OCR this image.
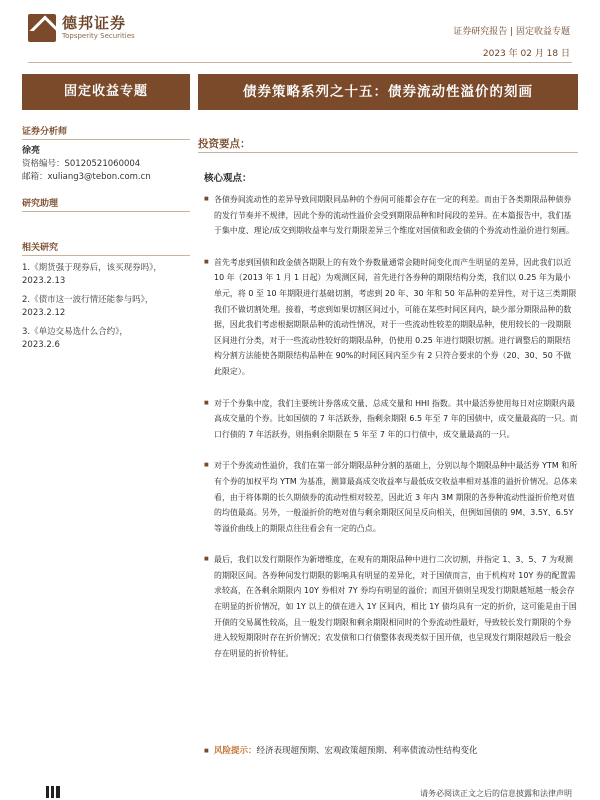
德邦证券
Topsperity Securities	证券研究报告 | 固定收益专题
2023 年 02 月 18 日
固定收益专题
证券分析师
徐亮
资格编号：S0120521060004
邮箱：xuliang3@tebon.com.cn
研究助理
相关研究
1.《期货强于现券后，该买现券吗》，
2023.2.13
2.《债市这一波行情还能参与吗》，
2023.2.12
3.《单边交易选什么合约》，
2023.2.6
债券策略系列之十五：债券流动性溢价的刻画
投资要点：
核心观点：
■ 各债券间流动性的差异导致同期限同品种的个券间可能都会存在一定的利差。而由于各类期限品种债券的发行节奏并不规律，因此个券的流动性溢价会受到期限品种和时间段的差异。在本篇报告中，我们基于集中度、理论/成交到期收益率与发行期限差异三个维度对国债和政金债的个券流动性溢价进行刻画。
■ 首先考虑到国债和政金债各期限上的有效个券数量通常会随时间变化而产生明显的差异，因此我们以近 10 年（2013 年 1 月 1 日起）为观测区间，首先进行各券种的期限结构分类，我们以 0.25 年为最小单元，将 0 至 10 年期限进行基础切割，考虑到 20 年、30 年和 50 年品种的差异性，对于这三类期限我们不做切割处理。接着，考虑到如果切割区间过小，可能在某些时间区间内，缺少部分期限品种的数据，因此我们考虑根据期限品种的流动性情况，对于一些流动性较差的期限品种，使用较长的一段期限区间进行分类，对于一些流动性较好的期限品种，仍使用 0.25 年进行期限切割。进行调整后的期限结构分割方法能使各期限结构品种在 90%的时间区间内至少有 2 只符合要求的个券（20、30、50 不做此限定）。
■ 对于个券集中度，我们主要统计券落成交量、总成交量和 HHI 指数。其中最活券使用每日对应期限内最高成交量的个券。比如国债的 7 年活跃券，指剩余期限 6.5 年至 7 年的国债中，成交量最高的一只。而口行债的 7 年活跃券，则指剩余期限在 5 年至 7 年的口行债中，成交量最高的一只。
■ 对于个券流动性溢价，我们在第一部分期限品种分割的基础上，分别以每个期限品种中最活券 YTM 和所有个券的加权平均 YTM 为基准，测算最高成交收益率与最低成交收益率相对基准的溢折价情况。总体来看，由于将体期的长久期债券的流动性相对较差，因此近 3 年内 3M 期限的各券种流动性溢折价绝对值的均值最高。另外，一般溢折价的绝对值与剩余期限区间呈反向相关，但例如国债的 9M、3.5Y、6.5Y 等溢价曲线上的期限点往往看会有一定的凸点。
■ 最后，我们以发行期限作为新增维度，在观有的期限品种中进行二次切割，并指定 1、3、5、7 为观测的期限区间。各券种间发行期限的影响具有明显的差异化，对于国债而言，由于机构对 10Y 券的配置需求较高，在各剩余期限内 10Y 券相对 7Y 券均有明显的溢价；而国开债则呈现发行期限越短越一般会存在明显的折价情况，如 1Y 以上的债在进入 1Y 区间内，相比 1Y 债均具有一定的折价，这可能是由于国开债的交易属性较高，且一般发行期限和剩余期限相同时的个券流动性最好，导致较长发行期限的个券进入较短期限时存在折价情况；农发债和口行债整体表现类似于国开债，也呈现发行期限越段后一般会存在明显的折价特征。
■ 风险提示：经济表现超预期、宏观政策超预期、利率债流动性结构变化
请务必阅读正文之后的信息披露和法律声明
